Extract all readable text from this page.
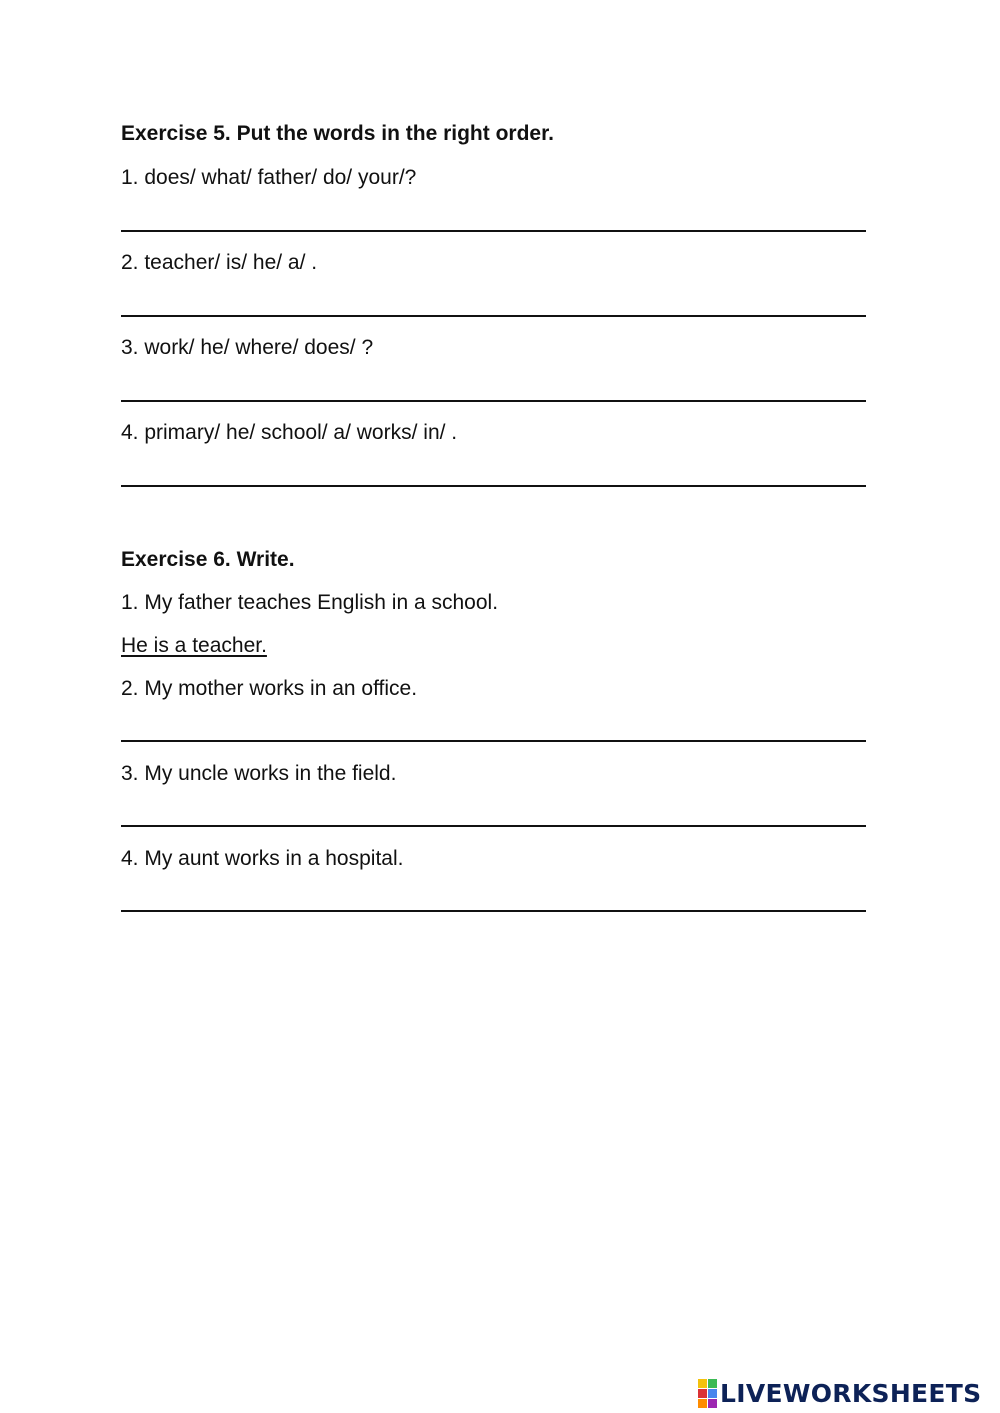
Exercise 5. Put the words in the right order.
1. does/ what/ father/ do/ your/?
2. teacher/ is/ he/ a/ .
3. work/ he/ where/ does/ ?
4. primary/ he/ school/ a/ works/ in/ .
Exercise 6. Write.
1. My father teaches English in a school.
He is a teacher.
2. My mother works in an office.
3. My uncle works in the field.
4. My aunt works in a hospital.
LIVEWORKSHEETS
